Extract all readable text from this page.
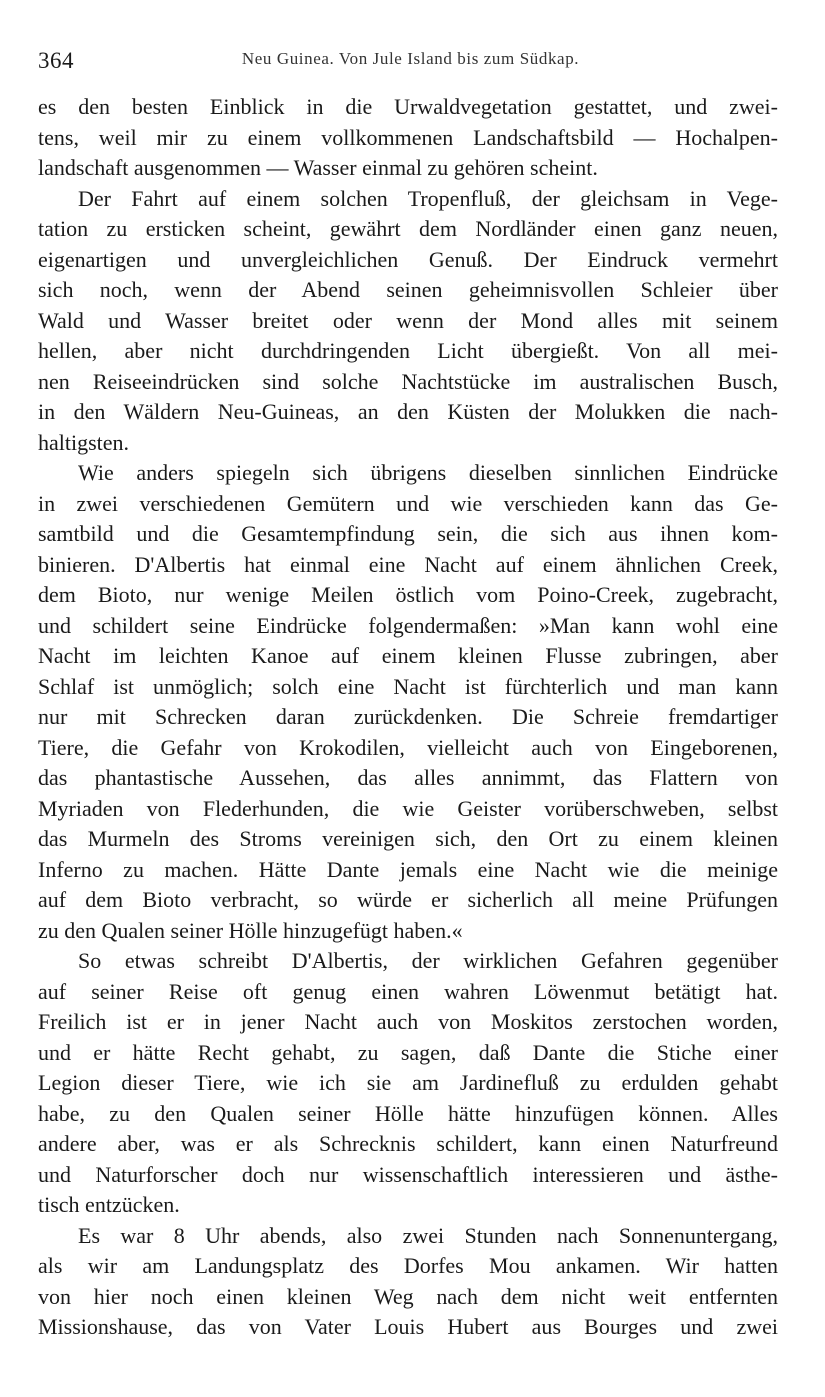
364	Neu Guinea. Von Jule Island bis zum Südkap.
es den besten Einblick in die Urwaldvegetation gestattet, und zwei-
tens, weil mir zu einem vollkommenen Landschaftsbild — Hochalpen-
landschaft ausgenommen — Wasser einmal zu gehören scheint.
Der Fahrt auf einem solchen Tropenfluß, der gleichsam in Vege-
tation zu ersticken scheint, gewährt dem Nordländer einen ganz neuen,
eigenartigen und unvergleichlichen Genuß. Der Eindruck vermehrt
sich noch, wenn der Abend seinen geheimnisvollen Schleier über
Wald und Wasser breitet oder wenn der Mond alles mit seinem
hellen, aber nicht durchdringenden Licht übergießt. Von all mei-
nen Reiseeindrücken sind solche Nachtstücke im australischen Busch,
in den Wäldern Neu-Guineas, an den Küsten der Molukken die nach-
haltigsten.
Wie anders spiegeln sich übrigens dieselben sinnlichen Eindrücke
in zwei verschiedenen Gemütern und wie verschieden kann das Ge-
samtbild und die Gesamtempfindung sein, die sich aus ihnen kom-
binieren. D'Albertis hat einmal eine Nacht auf einem ähnlichen Creek,
dem Bioto, nur wenige Meilen östlich vom Poino-Creek, zugebracht,
und schildert seine Eindrücke folgendermaßen: »Man kann wohl eine
Nacht im leichten Kanoe auf einem kleinen Flusse zubringen, aber
Schlaf ist unmöglich; solch eine Nacht ist fürchterlich und man kann
nur mit Schrecken daran zurückdenken. Die Schreie fremdartiger
Tiere, die Gefahr von Krokodilen, vielleicht auch von Eingeborenen,
das phantastische Aussehen, das alles annimmt, das Flattern von
Myriaden von Flederhunden, die wie Geister vorüberschweben, selbst
das Murmeln des Stroms vereinigen sich, den Ort zu einem kleinen
Inferno zu machen. Hätte Dante jemals eine Nacht wie die meinige
auf dem Bioto verbracht, so würde er sicherlich all meine Prüfungen
zu den Qualen seiner Hölle hinzugefügt haben.«
So etwas schreibt D'Albertis, der wirklichen Gefahren gegenüber
auf seiner Reise oft genug einen wahren Löwenmut betätigt hat.
Freilich ist er in jener Nacht auch von Moskitos zerstochen worden,
und er hätte Recht gehabt, zu sagen, daß Dante die Stiche einer
Legion dieser Tiere, wie ich sie am Jardinefluß zu erdulden gehabt
habe, zu den Qualen seiner Hölle hätte hinzufügen können. Alles
andere aber, was er als Schrecknis schildert, kann einen Naturfreund
und Naturforscher doch nur wissenschaftlich interessieren und ästhe-
tisch entzücken.
Es war 8 Uhr abends, also zwei Stunden nach Sonnenuntergang,
als wir am Landungsplatz des Dorfes Mou ankamen. Wir hatten
von hier noch einen kleinen Weg nach dem nicht weit entfernten
Missionshause, das von Vater Louis Hubert aus Bourges und zwei
